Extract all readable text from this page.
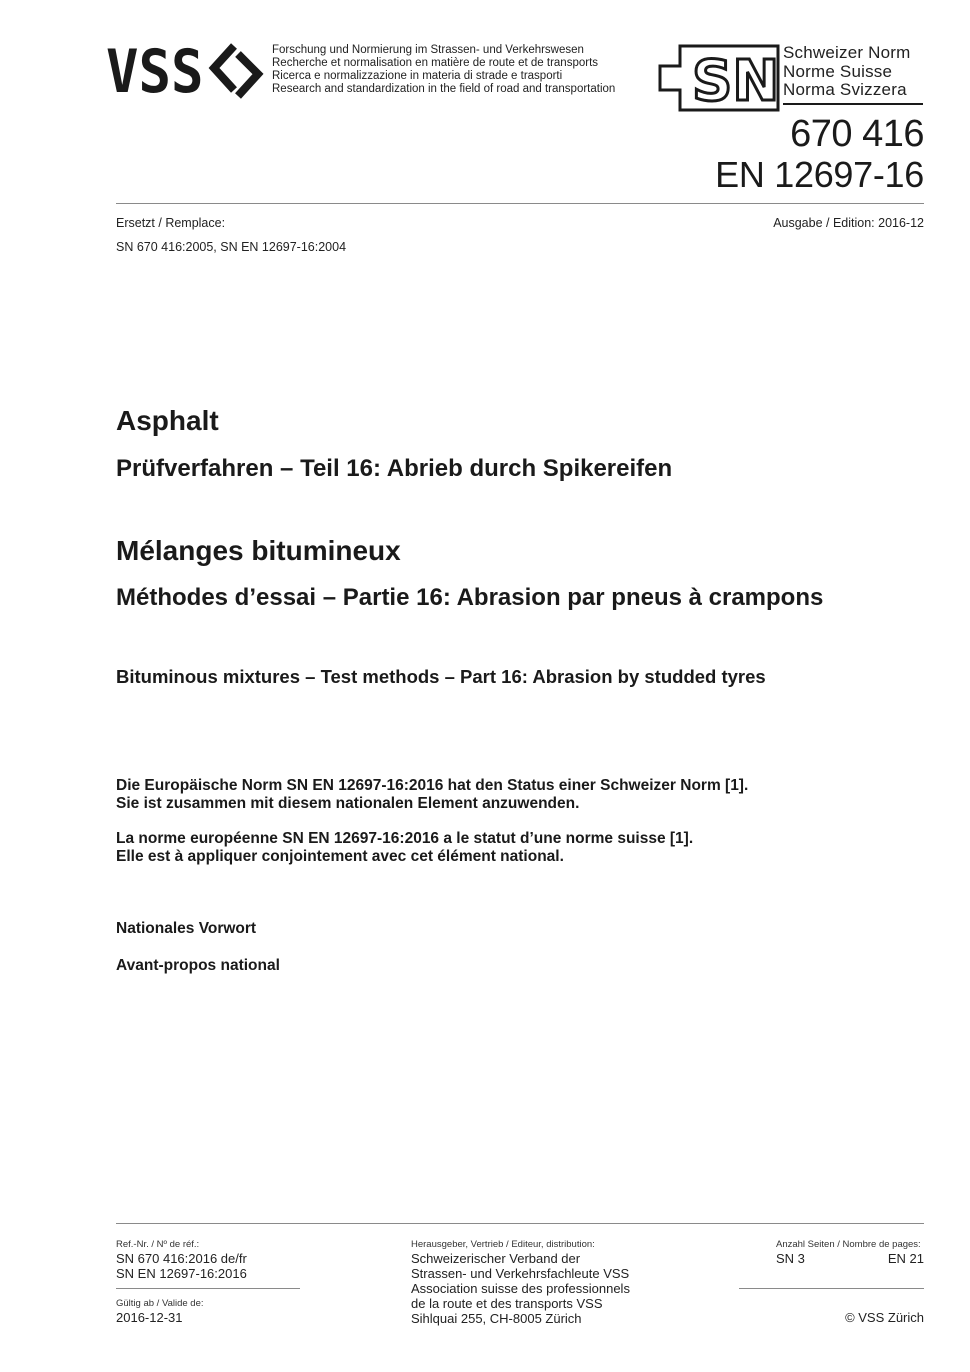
VSS	Forschung und Normierung im Strassen- und Verkehrswesen
Recherche et normalisation en matière de route et de transports
Ricerca e normalizzazione in materia di strade e trasporti
Research and standardization in the field of road and transportation SN Schweizer Norm
Norme Suisse
Norma Svizzera
670 416
EN 12697-16
Ersetzt / Remplace:
SN 670 416:2005, SN EN 12697-16:2004
Ausgabe / Edition: 2016-12
Asphalt
Prüfverfahren – Teil 16: Abrieb durch Spikereifen
Mélanges bitumineux
Méthodes d’essai – Partie 16: Abrasion par pneus à crampons
Bituminous mixtures – Test methods – Part 16: Abrasion by studded tyres
Die Europäische Norm SN EN 12697-16:2016 hat den Status einer Schweizer Norm [1].
Sie ist zusammen mit diesem nationalen Element anzuwenden.
La norme européenne SN EN 12697-16:2016 a le statut d’une norme suisse [1].
Elle est à appliquer conjointement avec cet élément national.
Nationales Vorwort
Avant-propos national
Ref.-Nr. / Nº de réf.:
SN 670 416:2016 de/fr
SN EN 12697-16:2016
Gültig ab / Valide de:
2016-12-31
Herausgeber, Vertrieb / Editeur, distribution:
Schweizerischer Verband der
Strassen- und Verkehrsfachleute VSS
Association suisse des professionnels
de la route et des transports VSS
Sihlquai 255, CH-8005 Zürich
Anzahl Seiten / Nombre de pages:
SN 3	EN 21
© VSS Zürich
